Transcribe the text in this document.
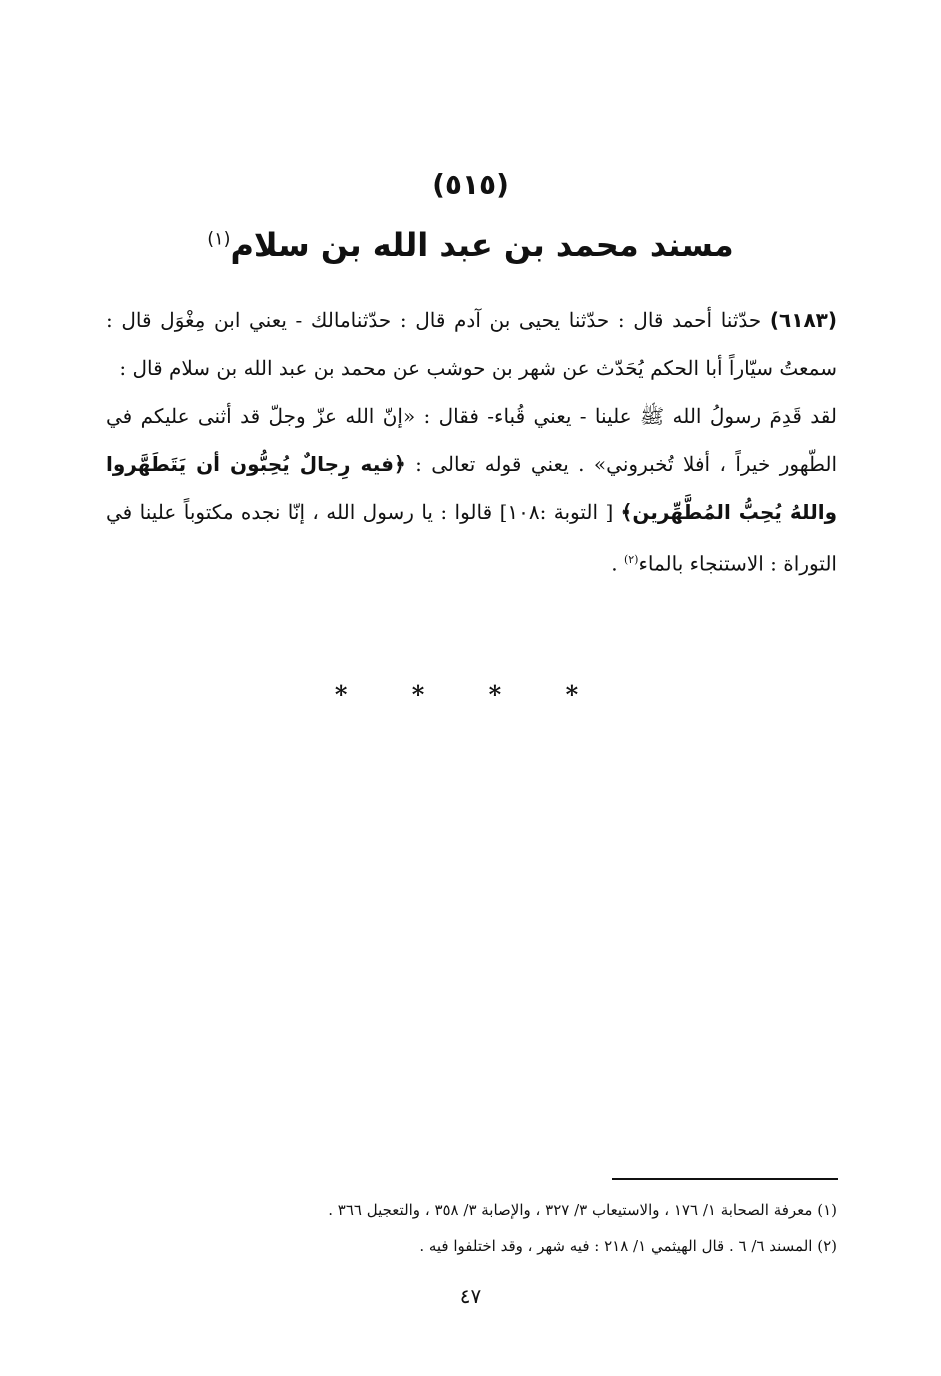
(٥١٥)
مسند محمد بن عبد الله بن سلام$^{(١)}$

(٦١٨٣) حدّثنا أحمد قال : حدّثنا يحيى بن آدم قال : حدّثنامالك - يعني ابن مِغْوَل قال : سمعتُ سيّاراً أبا الحكم يُحَدّث عن شهر بن حوشب عن محمد بن عبد الله بن سلام قال :

لقد قَدِمَ رسولُ الله ﷺ علينا - يعني قُباء- فقال : «إنّ الله عزّ وجلّ قد أثنى عليكم في الطّهور خيراً ، أفلا تُخبروني» . يعني قوله تعالى : ﴿فيه رِجالٌ يُحِبُّون أن يَتَطَهَّروا واللهُ يُحِبُّ المُطَّهِّرين﴾ [ التوبة :١٠٨] قالوا : يا رسول الله ، إنّا نجده مكتوباً علينا في التوراة : الاستنجاء بالماء$^{(٢)}$ .

* * * *

(١) معرفة الصحابة ١/ ١٧٦ ، والاستيعاب ٣/ ٣٢٧ ، والإصابة ٣/ ٣٥٨ ، والتعجيل ٣٦٦ .

(٢) المسند ٦/ ٦ . قال الهيثمي ١/ ٢١٨ : فيه شهر ، وقد اختلفوا فيه .

٤٧
